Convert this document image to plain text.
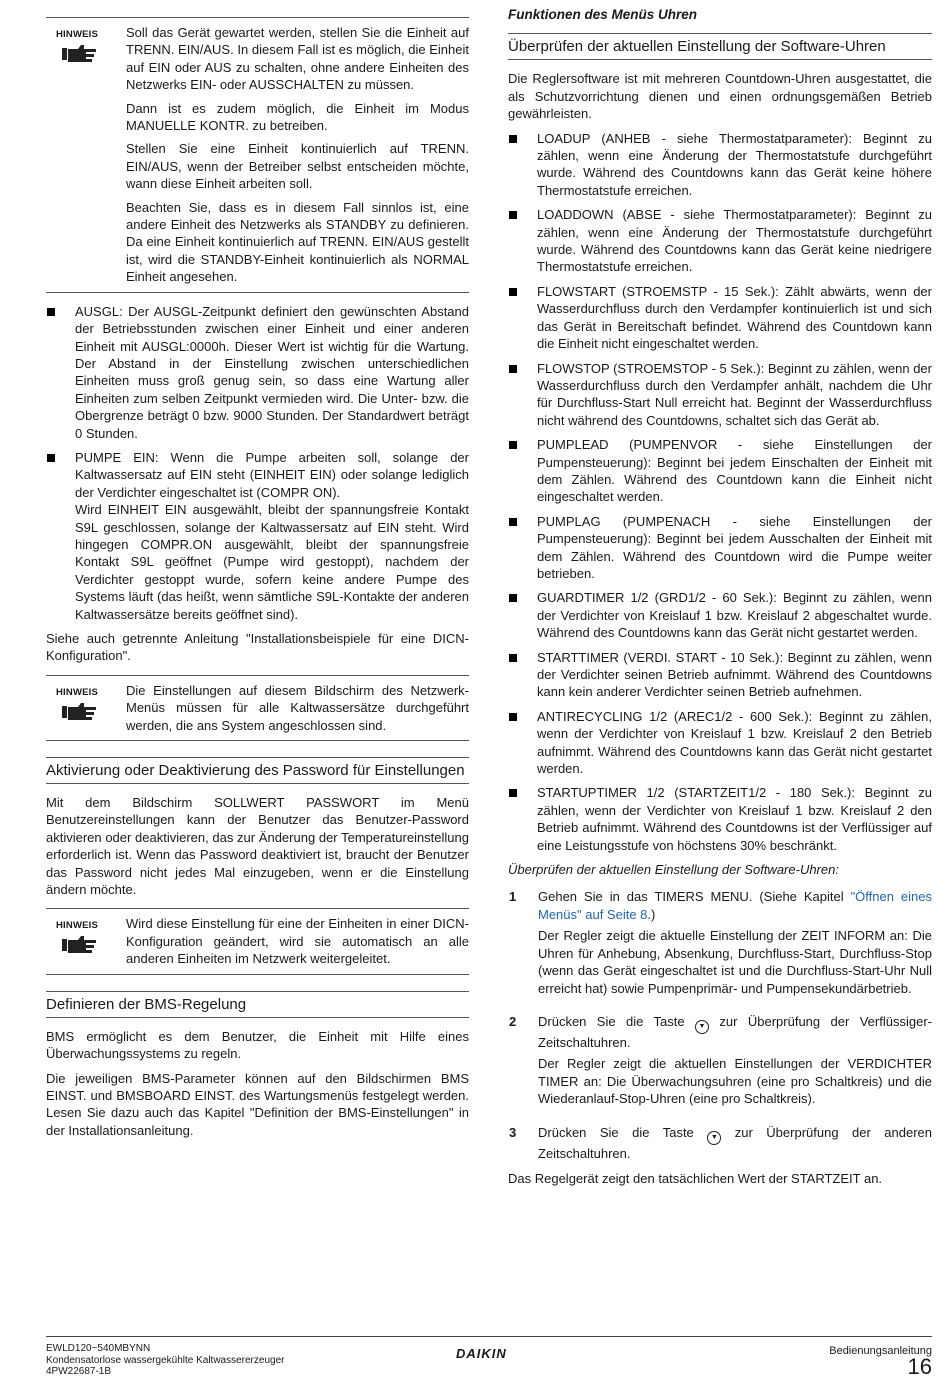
HINWEIS Soll das Gerät gewartet werden, stellen Sie die Einheit auf TRENN. EIN/AUS. In diesem Fall ist es möglich, die Einheit auf EIN oder AUS zu schalten, ohne andere Einheiten des Netzwerks EIN- oder AUSSCHALTEN zu müssen.

Dann ist es zudem möglich, die Einheit im Modus MANUELLE KONTR. zu betreiben.

Stellen Sie eine Einheit kontinuierlich auf TRENN. EIN/AUS, wenn der Betreiber selbst entscheiden möchte, wann diese Einheit arbeiten soll.

Beachten Sie, dass es in diesem Fall sinnlos ist, eine andere Einheit des Netzwerks als STANDBY zu definieren. Da eine Einheit kontinuierlich auf TRENN. EIN/AUS gestellt ist, wird die STANDBY-Einheit kontinuierlich als NORMAL Einheit angesehen.

AUSGL: Der AUSGL-Zeitpunkt definiert den gewünschten Abstand der Betriebsstunden zwischen einer Einheit und einer anderen Einheit mit AUSGL:0000h. Dieser Wert ist wichtig für die Wartung. Der Abstand in der Einstellung zwischen unterschiedlichen Einheiten muss groß genug sein, so dass eine Wartung aller Einheiten zum selben Zeitpunkt vermieden wird. Die Unter- bzw. die Obergrenze beträgt 0 bzw. 9000 Stunden. Der Standardwert beträgt 0 Stunden.
PUMPE EIN: Wenn die Pumpe arbeiten soll, solange der Kaltwassersatz auf EIN steht (EINHEIT EIN) oder solange lediglich der Verdichter eingeschaltet ist (COMPR ON).
Wird EINHEIT EIN ausgewählt, bleibt der spannungsfreie Kontakt S9L geschlossen, solange der Kaltwassersatz auf EIN steht. Wird hingegen COMPR.ON ausgewählt, bleibt der spannungsfreie Kontakt S9L geöffnet (Pumpe wird gestoppt), nachdem der Verdichter gestoppt wurde, sofern keine andere Pumpe des Systems läuft (das heißt, wenn sämtliche S9L-Kontakte der anderen Kaltwassersätze bereits geöffnet sind).

Siehe auch getrennte Anleitung "Installationsbeispiele für eine DICN-Konfiguration".

HINWEIS Die Einstellungen auf diesem Bildschirm des Netzwerk-Menüs müssen für alle Kaltwassersätze durchgeführt werden, die ans System angeschlossen sind.

Aktivierung oder Deaktivierung des Password für Einstellungen

Mit dem Bildschirm SOLLWERT PASSWORT im Menü Benutzereinstellungen kann der Benutzer das Benutzer-Password aktivieren oder deaktivieren, das zur Änderung der Temperatureinstellung erforderlich ist. Wenn das Password deaktiviert ist, braucht der Benutzer das Password nicht jedes Mal einzugeben, wenn er die Einstellung ändern möchte.

HINWEIS Wird diese Einstellung für eine der Einheiten in einer DICN-Konfiguration geändert, wird sie automatisch an alle anderen Einheiten im Netzwerk weitergeleitet.

Definieren der BMS-Regelung

BMS ermöglicht es dem Benutzer, die Einheit mit Hilfe eines Überwachungssystems zu regeln.

Die jeweiligen BMS-Parameter können auf den Bildschirmen BMS EINST. und BMSBOARD EINST. des Wartungsmenüs festgelegt werden. Lesen Sie dazu auch das Kapitel "Definition der BMS-Einstellungen" in der Installationsanleitung.

Funktionen des Menüs Uhren
Überprüfen der aktuellen Einstellung der Software-Uhren

Die Reglersoftware ist mit mehreren Countdown-Uhren ausgestattet, die als Schutzvorrichtung dienen und einen ordnungsgemäßen Betrieb gewährleisten.

LOADUP (ANHEB - siehe Thermostatparameter): Beginnt zu zählen, wenn eine Änderung der Thermostatstufe durchgeführt wurde. Während des Countdowns kann das Gerät keine höhere Thermostatstufe erreichen.
LOADDOWN (ABSE - siehe Thermostatparameter): Beginnt zu zählen, wenn eine Änderung der Thermostatstufe durchgeführt wurde. Während des Countdowns kann das Gerät keine niedrigere Thermostatstufe erreichen.
FLOWSTART (STROEMSTP - 15 Sek.): Zählt abwärts, wenn der Wasserdurchfluss durch den Verdampfer kontinuierlich ist und sich das Gerät in Bereitschaft befindet. Während des Countdown kann die Einheit nicht eingeschaltet werden.
FLOWSTOP (STROEMSTOP - 5 Sek.): Beginnt zu zählen, wenn der Wasserdurchfluss durch den Verdampfer anhält, nachdem die Uhr für Durchfluss-Start Null erreicht hat. Beginnt der Wasserdurchfluss nicht während des Countdowns, schaltet sich das Gerät ab.
PUMPLEAD (PUMPENVOR - siehe Einstellungen der Pumpensteuerung): Beginnt bei jedem Einschalten der Einheit mit dem Zählen. Während des Countdown kann die Einheit nicht eingeschaltet werden.
PUMPLAG (PUMPENACH - siehe Einstellungen der Pumpensteuerung): Beginnt bei jedem Ausschalten der Einheit mit dem Zählen. Während des Countdown wird die Pumpe weiter betrieben.
GUARDTIMER 1/2 (GRD1/2 - 60 Sek.): Beginnt zu zählen, wenn der Verdichter von Kreislauf 1 bzw. Kreislauf 2 abgeschaltet wurde. Während des Countdowns kann das Gerät nicht gestartet werden.
STARTTIMER (VERDI. START - 10 Sek.): Beginnt zu zählen, wenn der Verdichter seinen Betrieb aufnimmt. Während des Countdowns kann kein anderer Verdichter seinen Betrieb aufnehmen.
ANTIRECYCLING 1/2 (AREC1/2 - 600 Sek.): Beginnt zu zählen, wenn der Verdichter von Kreislauf 1 bzw. Kreislauf 2 den Betrieb aufnimmt. Während des Countdowns kann das Gerät nicht gestartet werden.
STARTUPTIMER 1/2 (STARTZEIT1/2 - 180 Sek.): Beginnt zu zählen, wenn der Verdichter von Kreislauf 1 bzw. Kreislauf 2 den Betrieb aufnimmt. Während des Countdowns ist der Verflüssiger auf eine Leistungsstufe von höchstens 30% beschränkt.

Überprüfen der aktuellen Einstellung der Software-Uhren:

1 Gehen Sie in das TIMERS MENU. (Siehe Kapitel "Öffnen eines Menüs" auf Seite 8.)

Der Regler zeigt die aktuelle Einstellung der ZEIT INFORM an: Die Uhren für Anhebung, Absenkung, Durchfluss-Start, Durchfluss-Stop (wenn das Gerät eingeschaltet ist und die Durchfluss-Start-Uhr Null erreicht hat) sowie Pumpenprimär- und Pumpensekundärbetrieb.

2 Drücken Sie die Taste ▼ zur Überprüfung der Verflüssiger-Zeitschaltuhren.

Der Regler zeigt die aktuellen Einstellungen der VERDICHTER TIMER an: Die Überwachungsuhren (eine pro Schaltkreis) und die Wiederanlauf-Stop-Uhren (eine pro Schaltkreis).

3 Drücken Sie die Taste ▼ zur Überprüfung der anderen Zeitschaltuhren.

Das Regelgerät zeigt den tatsächlichen Wert der STARTZEIT an.

EWLD120~540MBYNN
Kondensatorlose wassergekühlte Kaltwassererzeuger
4PW22687-1B
DAIKIN	Bedienungsanleitung
16
